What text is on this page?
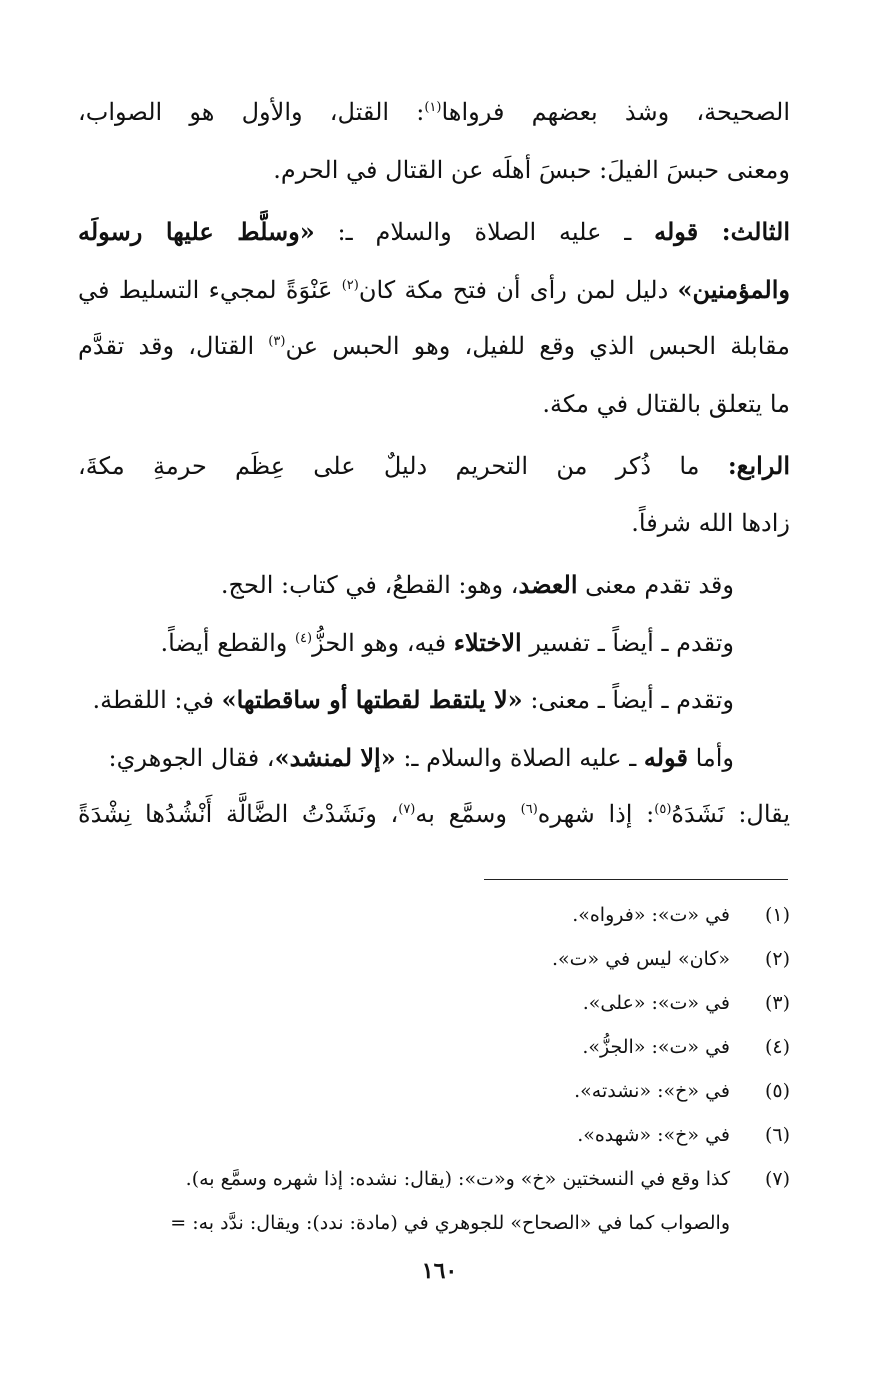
الصحيحة، وشذ بعضهم فرواها$^{(١)}$: القتل، والأول هو الصواب،
ومعنى حبسَ الفيلَ: حبسَ أهلَه عن القتال في الحرم.
الثالث: قوله ـ عليه الصلاة والسلام ـ: «وسلَّط عليها رسولَه
والمؤمنين» دليل لمن رأى أن فتح مكة كان$^{(٢)}$ عَنْوَةً لمجيء التسليط في
مقابلة الحبس الذي وقع للفيل، وهو الحبس عن$^{(٣)}$ القتال، وقد تقدَّم
ما يتعلق بالقتال في مكة.
الرابع: ما ذُكر من التحريم دليلٌ على عِظَم حرمةِ مكةَ،
زادها الله شرفاً.
وقد تقدم معنى العضد، وهو: القطعُ، في كتاب: الحج.
وتقدم ـ أيضاً ـ تفسير الاختلاء فيه، وهو الحزُّ$^{(٤)}$ والقطع أيضاً.
وتقدم ـ أيضاً ـ معنى: «لا يلتقط لقطتها أو ساقطتها» في: اللقطة.
وأما قوله ـ عليه الصلاة والسلام ـ: «إلا لمنشد»، فقال الجوهري:
يقال: نَشَدَهُ$^{(٥)}$: إذا شهره$^{(٦)}$ وسمَّع به$^{(٧)}$، ونَشَدْتُ الضَّالَّة أَنْشُدُها نِشْدَةً
(١)
في «ت»: «فرواه».
(٢)
«كان» ليس في «ت».
(٣)
في «ت»: «على».
(٤)
في «ت»: «الجزُّ».
(٥)
في «خ»: «نشدته».
(٦)
في «خ»: «شهده».
(٧)
كذا وقع في النسختين «خ» و«ت»: (يقال: نشده: إذا شهره وسمَّع به).
والصواب كما في «الصحاح» للجوهري في (مادة: ندد): ويقال: ندَّد به: =
١٦٠
